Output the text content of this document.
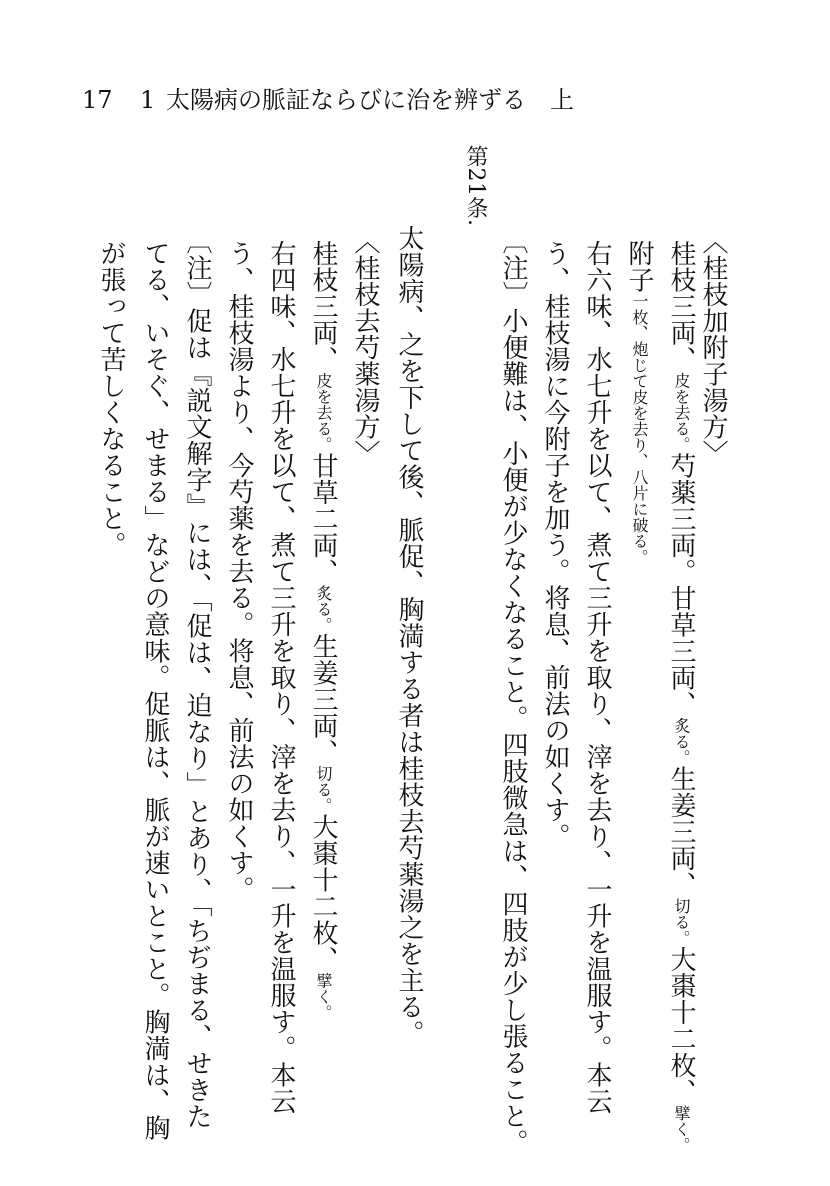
17 1 太陽病の脈証ならびに治を辨ずる　上
〈桂枝加附子湯方〉
桂枝三両、皮を去る。芍薬三両。甘草三両、炙る。生姜三両、切る。大棗十二枚、擘く。
附子一枚、炮じて皮を去り、八片に破る。
右六味、水七升を以て、煮て三升を取り、滓を去り、一升を温服す。本云
う、桂枝湯に今附子を加う。将息、前法の如くす。
〔注〕小便難は、小便が少なくなること。四肢微急は、四肢が少し張ること。
第21条.
太陽病、之を下して後、脈促、胸満する者は桂枝去芍薬湯之を主る。
〈桂枝去芍薬湯方〉
桂枝三両、皮を去る。甘草二両、炙る。生姜三両、切る。大棗十二枚、擘く。
右四味、水七升を以て、煮て三升を取り、滓を去り、一升を温服す。本云
う、桂枝湯より、今芍薬を去る。将息、前法の如くす。
〔注〕促は『説文解字』には、「促は、迫なり」とあり、「ちぢまる、せきた
てる、いそぐ、せまる」などの意味。促脈は、脈が速いとこと。胸満は、胸
が張って苦しくなること。
